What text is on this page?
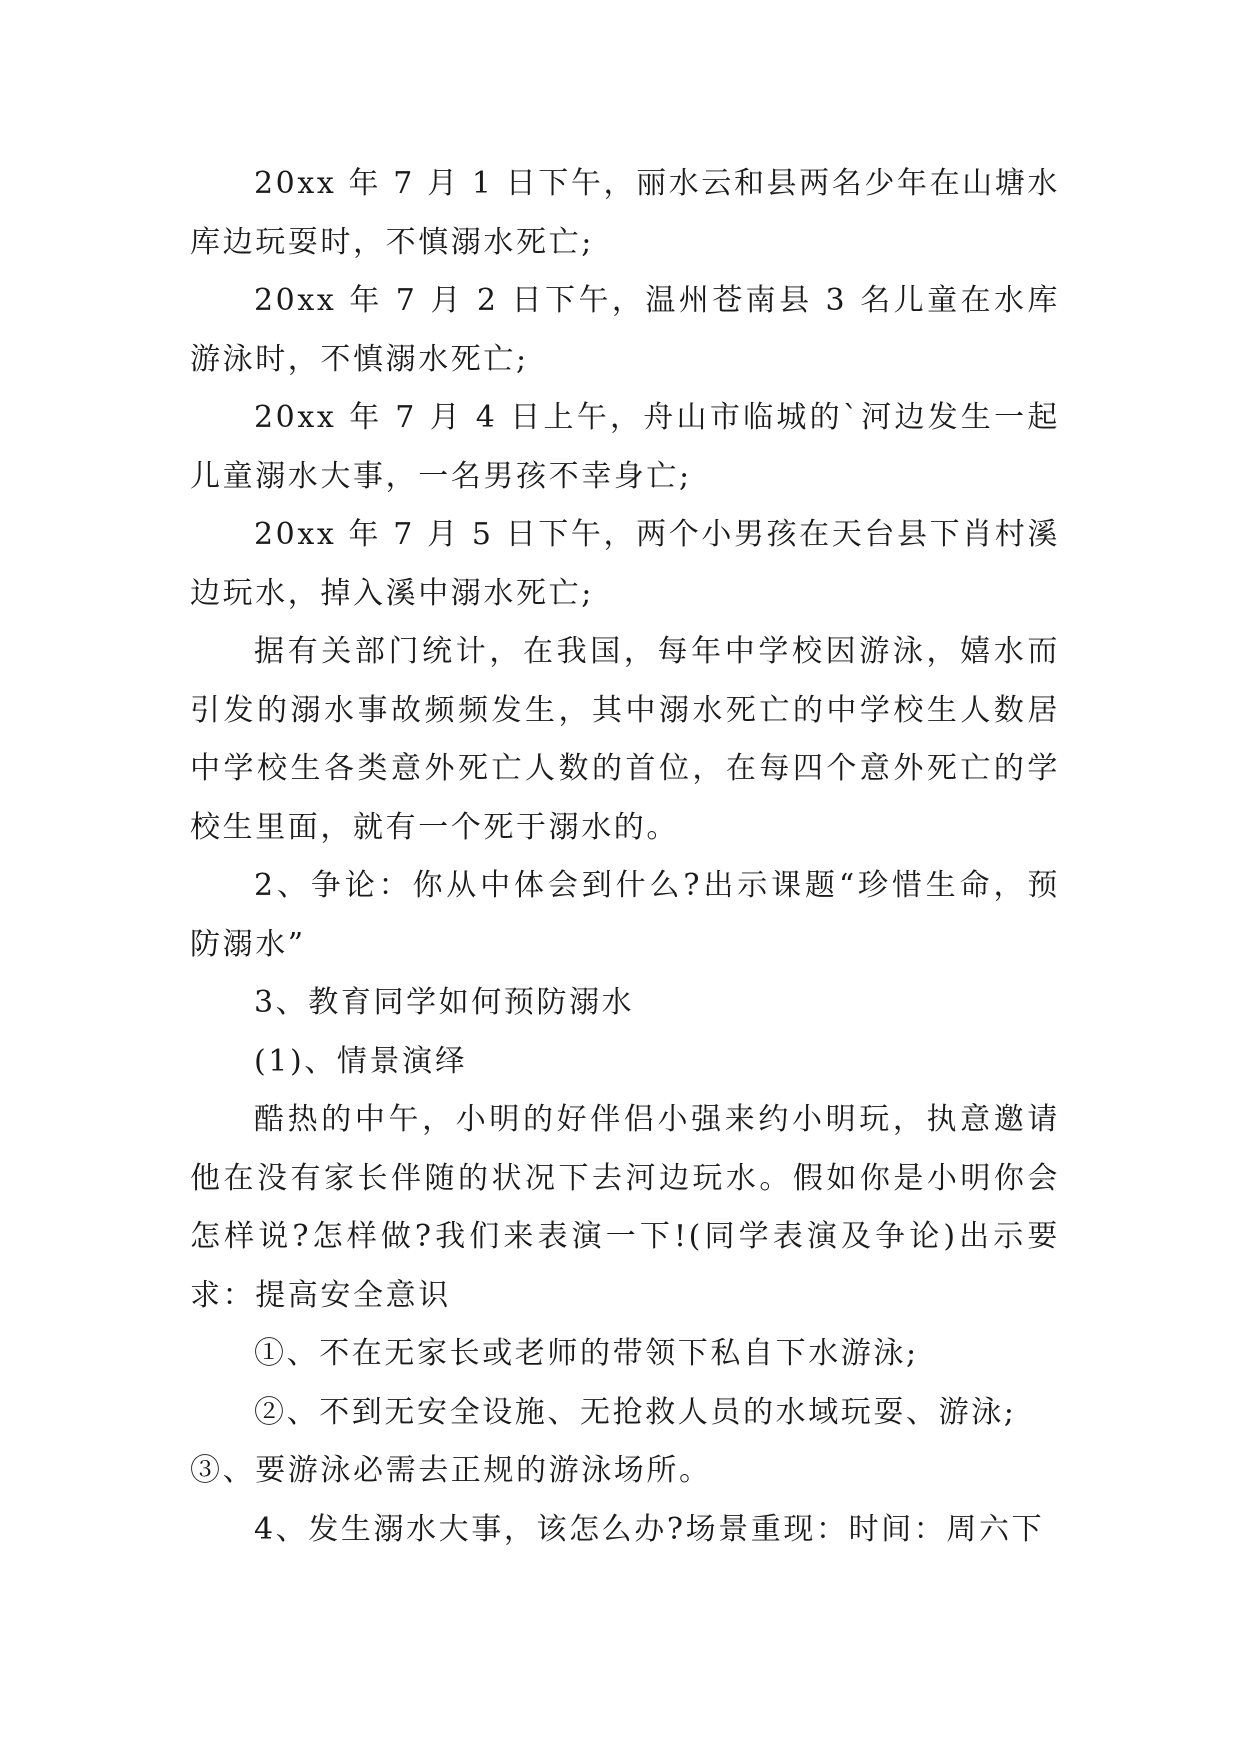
20xx 年 7 月 1 日下午，丽水云和县两名少年在山塘水库边玩耍时，不慎溺水死亡;

20xx 年 7 月 2 日下午，温州苍南县 3 名儿童在水库游泳时，不慎溺水死亡;

20xx 年 7 月 4 日上午，舟山市临城的`河边发生一起儿童溺水大事，一名男孩不幸身亡;

20xx 年 7 月 5 日下午，两个小男孩在天台县下肖村溪边玩水，掉入溪中溺水死亡;

据有关部门统计，在我国，每年中学校因游泳，嬉水而引发的溺水事故频频发生，其中溺水死亡的中学校生人数居中学校生各类意外死亡人数的首位，在每四个意外死亡的学校生里面，就有一个死于溺水的。

2、争论：你从中体会到什么?出示课题“珍惜生命，预防溺水”

3、教育同学如何预防溺水

(1)、情景演绎

酷热的中午，小明的好伴侣小强来约小明玩，执意邀请他在没有家长伴随的状况下去河边玩水。假如你是小明你会怎样说?怎样做?我们来表演一下!(同学表演及争论)出示要求：提高安全意识

①、不在无家长或老师的带领下私自下水游泳;

②、不到无安全设施、无抢救人员的水域玩耍、游泳;

③、要游泳必需去正规的游泳场所。

4、发生溺水大事，该怎么办?场景重现：时间：周六下
